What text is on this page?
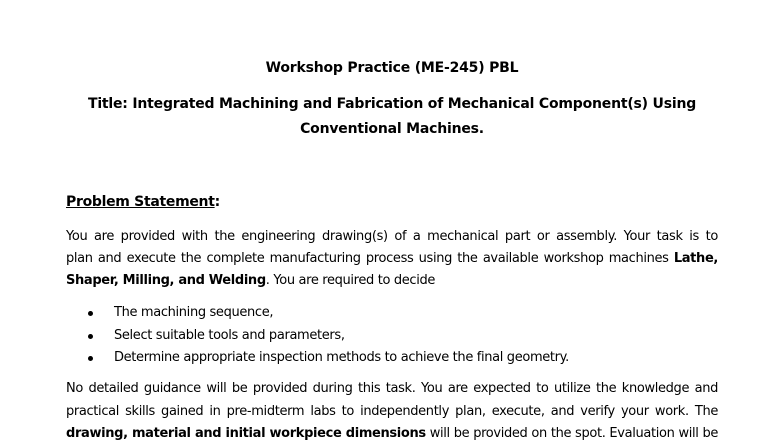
Workshop Practice (ME-245) PBL
Title: Integrated Machining and Fabrication of Mechanical Component(s) Using
Conventional Machines.
Problem Statement:
You are provided with the engineering drawing(s) of a mechanical part or assembly. Your task is to
plan and execute the complete manufacturing process using the available workshop machines Lathe,
Shaper, Milling, and Welding. You are required to decide
The machining sequence,
Select suitable tools and parameters,
Determine appropriate inspection methods to achieve the final geometry.
No detailed guidance will be provided during this task. You are expected to utilize the knowledge and
practical skills gained in pre-midterm labs to independently plan, execute, and verify your work. The
drawing, material and initial workpiece dimensions will be provided on the spot. Evaluation will be
